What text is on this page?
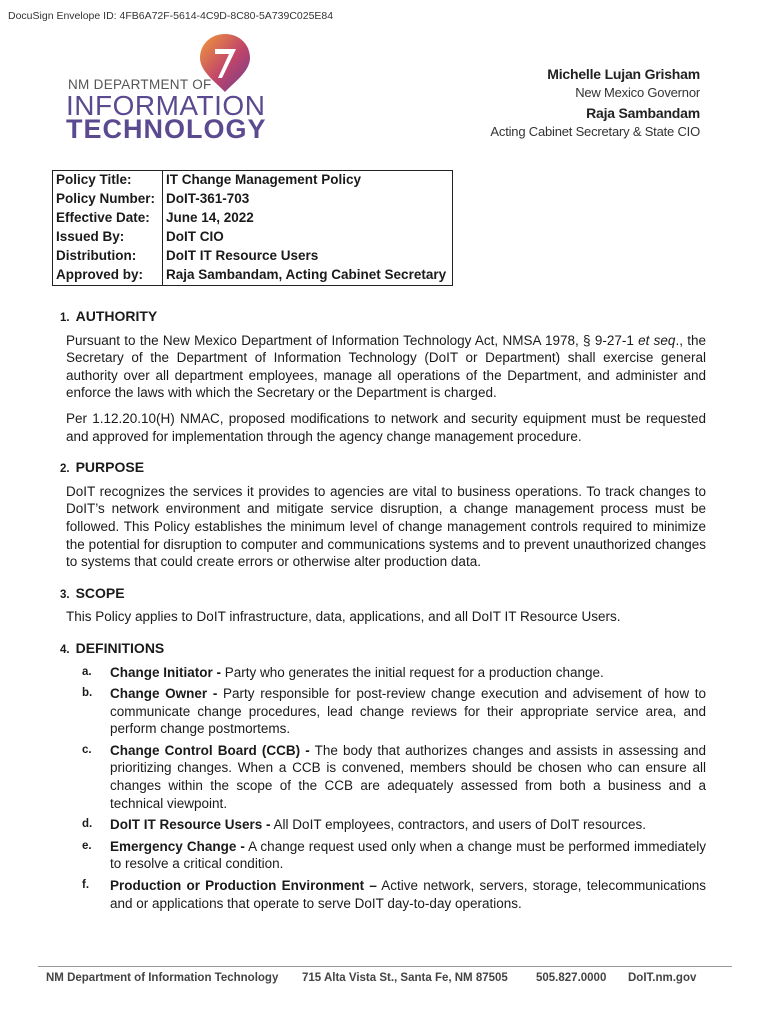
DocuSign Envelope ID: 4FB6A72F-5614-4C9D-8C80-5A739C025E84
NM DEPARTMENT OF
INFORMATION
TECHNOLOGY
Michelle Lujan Grisham
New Mexico Governor
Raja Sambandam
Acting Cabinet Secretary & State CIO
Policy Title:	IT Change Management Policy
Policy Number:	DoIT-361-703
Effective Date:	June 14, 2022
Issued By:	DoIT CIO
Distribution:	DoIT IT Resource Users
Approved by:	Raja Sambandam, Acting Cabinet Secretary
1. AUTHORITY

Pursuant to the New Mexico Department of Information Technology Act, NMSA 1978, § 9-27-1 et seq., the Secretary of the Department of Information Technology (DoIT or Department) shall exercise general authority over all department employees, manage all operations of the Department, and administer and enforce the laws with which the Secretary or the Department is charged.

Per 1.12.20.10(H) NMAC, proposed modifications to network and security equipment must be requested and approved for implementation through the agency change management procedure.

2. PURPOSE

DoIT recognizes the services it provides to agencies are vital to business operations. To track changes to DoIT’s network environment and mitigate service disruption, a change management process must be followed. This Policy establishes the minimum level of change management controls required to minimize the potential for disruption to computer and communications systems and to prevent unauthorized changes to systems that could create errors or otherwise alter production data.

3. SCOPE

This Policy applies to DoIT infrastructure, data, applications, and all DoIT IT Resource Users.

4. DEFINITIONS
a. Change Initiator - Party who generates the initial request for a production change.
b. Change Owner - Party responsible for post-review change execution and advisement of how to communicate change procedures, lead change reviews for their appropriate service area, and perform change postmortems.
c. Change Control Board (CCB) - The body that authorizes changes and assists in assessing and prioritizing changes. When a CCB is convened, members should be chosen who can ensure all changes within the scope of the CCB are adequately assessed from both a business and a technical viewpoint.
d. DoIT IT Resource Users - All DoIT employees, contractors, and users of DoIT resources.
e. Emergency Change - A change request used only when a change must be performed immediately to resolve a critical condition.
f. Production or Production Environment – Active network, servers, storage, telecommunications and or applications that operate to serve DoIT day-to-day operations.
NM Department of Information Technology	715 Alta Vista St., Santa Fe, NM 87505	505.827.0000	DoIT.nm.gov
